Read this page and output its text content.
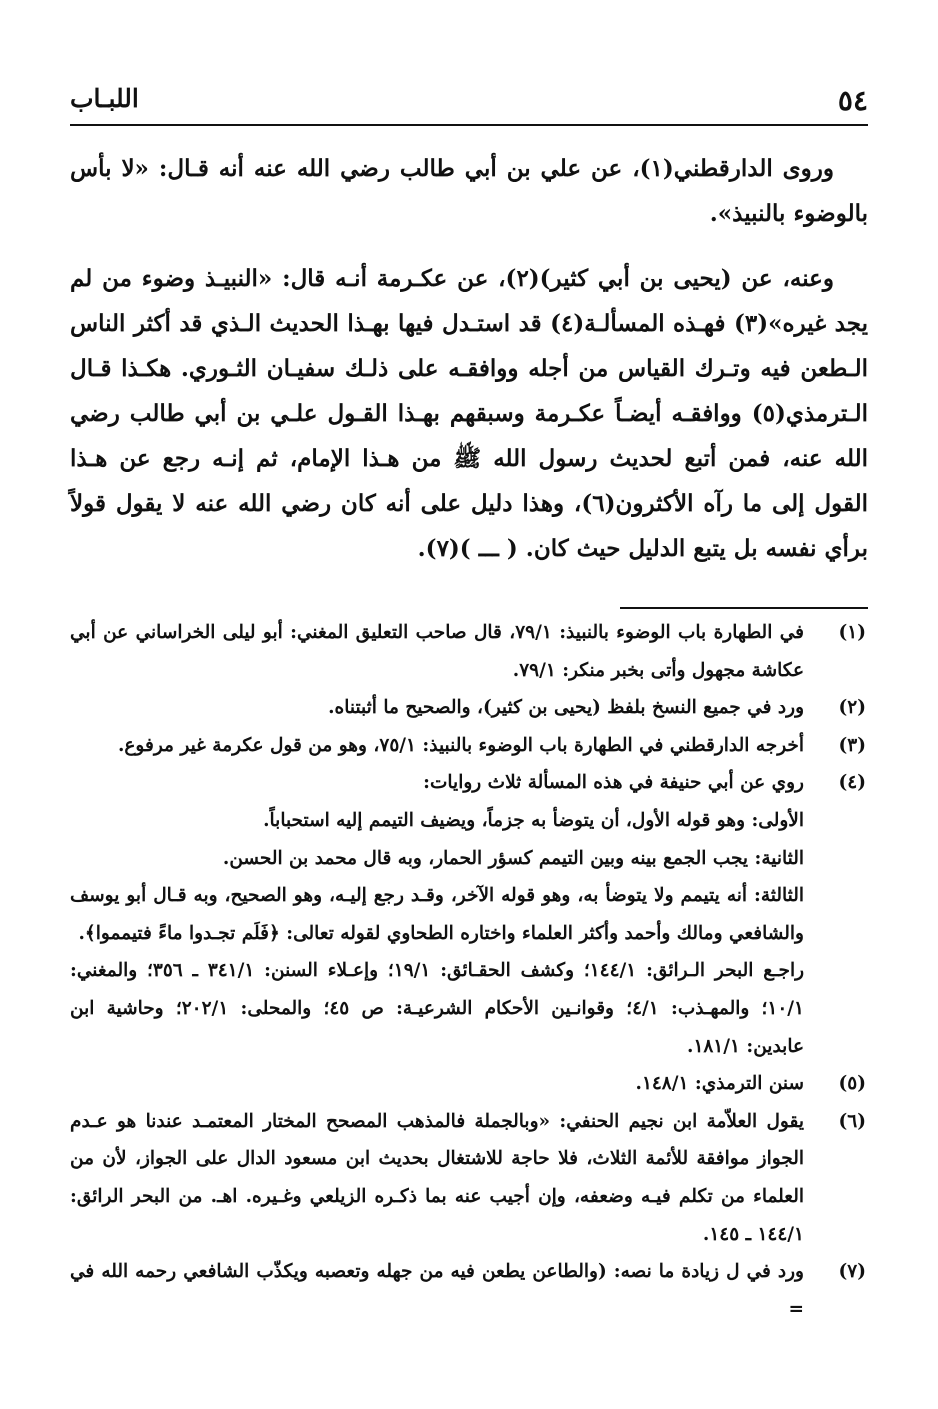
٥٤
اللبـاب

وروى الدارقطني(١)، عن علي بن أبي طالب رضي الله عنه أنه قـال: «لا بأس بالوضوء بالنبيذ».

وعنه، عن (يحيى بن أبي كثير)(٢)، عن عكـرمة أنـه قال: «النبيـذ وضوء من لم يجد غيره»(٣) فهـذه المسألـة(٤) قد استـدل فيها بهـذا الحديث الـذي قد أكثر الناس الـطعن فيه وتـرك القياس من أجله ووافقـه على ذلـك سفيـان الثـوري. هكـذا قـال الـترمذي(٥) ووافقـه أيضـاً عكـرمة وسبقهم بهـذا القـول علـي بن أبي طالب رضي الله عنه، فمن أتبع لحديث رسول الله ﷺ من هـذا الإمام، ثم إنـه رجع عن هـذا القول إلى ما رآه الأكثرون(٦)، وهذا دليل على أنه كان رضي الله عنه لا يقول قولاً برأي نفسه بل يتبع الدليل حيث كان. ( ـــ )(٧).

(١)
في الطهارة باب الوضوء بالنبيذ: ٧٩/١، قال صاحب التعليق المغني: أبو ليلى الخراساني عن أبي عكاشة مجهول وأتى بخبر منكر: ٧٩/١.
(٢)
ورد في جميع النسخ بلفظ (يحيى بن كثير)، والصحيح ما أثبتناه.
(٣)
أخرجه الدارقطني في الطهارة باب الوضوء بالنبيذ: ٧٥/١، وهو من قول عكرمة غير مرفوع.
(٤)
روي عن أبي حنيفة في هذه المسألة ثلاث روايات:
الأولى: وهو قوله الأول، أن يتوضأ به جزماً، ويضيف التيمم إليه استحباباً.
الثانية: يجب الجمع بينه وبين التيمم كسؤر الحمار، وبه قال محمد بن الحسن.
الثالثة: أنه يتيمم ولا يتوضأ به، وهو قوله الآخر، وقـد رجع إليـه، وهو الصحيح، وبه قـال أبو يوسف والشافعي ومالك وأحمد وأكثر العلماء واختاره الطحاوي لقوله تعالى: ﴿فَلَم تجـدوا ماءً فتيمموا﴾.
راجـع البحر الـرائق: ١٤٤/١؛ وكشف الحقـائق: ١٩/١؛ وإعـلاء السنن: ٣٤١/١ ـ ٣٥٦؛ والمغني: ١٠/١؛ والمهـذب: ٤/١؛ وقوانـين الأحكام الشرعيـة: ص ٤٥؛ والمحلى: ٢٠٢/١؛ وحاشية ابن عابدين: ١٨١/١.
(٥)
سنن الترمذي: ١٤٨/١.
(٦)
يقول العلاّمة ابن نجيم الحنفي: «وبالجملة فالمذهب المصحح المختار المعتمـد عندنا هو عـدم الجواز موافقة للأئمة الثلاث، فلا حاجة للاشتغال بحديث ابن مسعود الدال على الجواز، لأن من العلماء من تكلم فيـه وضعفه، وإن أجيب عنه بما ذكـره الزيلعي وغـيره. اهـ. من البحر الرائق: ١٤٤/١ ـ ١٤٥.
(٧)
ورد في ل زيادة ما نصه: (والطاعن يطعن فيه من جهله وتعصبه ويكذّب الشافعي رحمه الله في =
